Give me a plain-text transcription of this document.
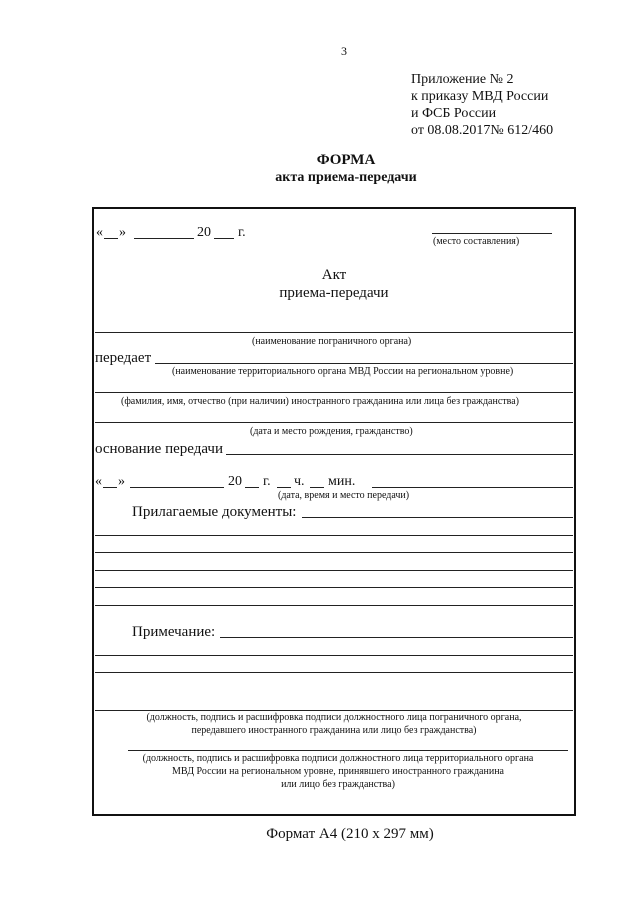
3
Приложение № 2
к приказу МВД России
и ФСБ России
от 08.08.2017№ 612/460
ФОРМА
акта приема-передачи
« »	20 г.
(место составления)
Акт
приема-передачи
(наименование пограничного органа)
передает
(наименование территориального органа МВД России на региональном уровне)
(фамилия, имя, отчество (при наличии) иностранного гражданина или лица без гражданства)
(дата и место рождения, гражданство)
основание передачи
« »	20 г. ч. мин.
(дата, время и место передачи)
Прилагаемые документы:
Примечание:
(должность, подпись и расшифровка подписи должностного лица пограничного органа,
передавшего иностранного гражданина или лицо без гражданства)
(должность, подпись и расшифровка подписи должностного лица территориального органа
МВД России на региональном уровне, принявшего иностранного гражданина
или лицо без гражданства)
Формат А4 (210 x 297 мм)
